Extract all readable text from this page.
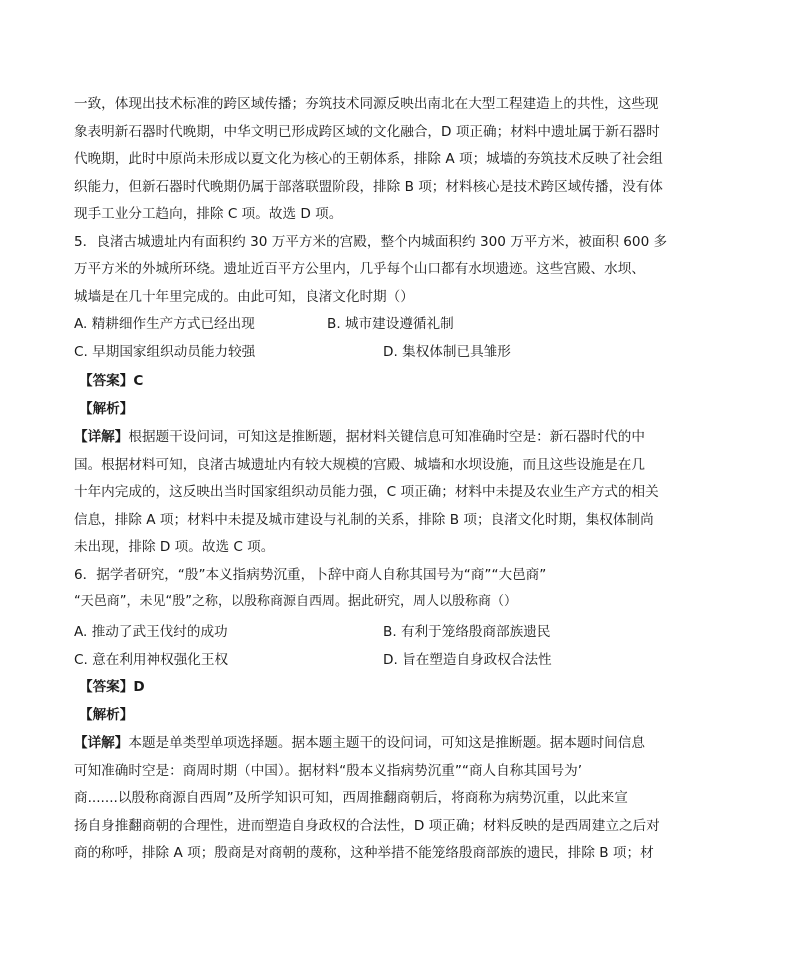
一致，体现出技术标准的跨区域传播；夯筑技术同源反映出南北在大型工程建造上的共性，这些现
象表明新石器时代晚期，中华文明已形成跨区域的文化融合，D 项正确；材料中遗址属于新石器时
代晚期，此时中原尚未形成以夏文化为核心的王朝体系，排除 A 项；城墙的夯筑技术反映了社会组
织能力，但新石器时代晚期仍属于部落联盟阶段，排除 B 项；材料核心是技术跨区域传播，没有体
现手工业分工趋向，排除 C 项。故选 D 项。
5．良渚古城遗址内有面积约 30 万平方米的宫殿，整个内城面积约 300 万平方米，被面积 600 多
万平方米的外城所环绕。遗址近百平方公里内，几乎每个山口都有水坝遗迹。这些宫殿、水坝、
城墙是在几十年里完成的。由此可知，良渚文化时期（）
A. 精耕细作生产方式已经出现	B. 城市建设遵循礼制
C. 早期国家组织动员能力较强	D. 集权体制已具雏形
【答案】C
【解析】
【详解】根据题干设问词，可知这是推断题，据材料关键信息可知准确时空是：新石器时代的中
国。根据材料可知，良渚古城遗址内有较大规模的宫殿、城墙和水坝设施，而且这些设施是在几
十年内完成的，这反映出当时国家组织动员能力强，C 项正确；材料中未提及农业生产方式的相关
信息，排除 A 项；材料中未提及城市建设与礼制的关系，排除 B 项；良渚文化时期，集权体制尚
未出现，排除 D 项。故选 C 项。
6．据学者研究，“殷”本义指病势沉重，卜辞中商人自称其国号为“商”“大邑商”
“天邑商”，未见“殷”之称，以殷称商源自西周。据此研究，周人以殷称商（）
A. 推动了武王伐纣的成功	B. 有利于笼络殷商部族遗民
C. 意在利用神权强化王权	D. 旨在塑造自身政权合法性
【答案】D
【解析】
【详解】本题是单类型单项选择题。据本题主题干的设问词，可知这是推断题。据本题时间信息
可知准确时空是：商周时期（中国）。据材料“殷本义指病势沉重”“商人自称其国号为’
商.......以殷称商源自西周”及所学知识可知，西周推翻商朝后，将商称为病势沉重，以此来宣
扬自身推翻商朝的合理性，进而塑造自身政权的合法性，D 项正确；材料反映的是西周建立之后对
商的称呼，排除 A 项；殷商是对商朝的蔑称，这种举措不能笼络殷商部族的遗民，排除 B 项；材
